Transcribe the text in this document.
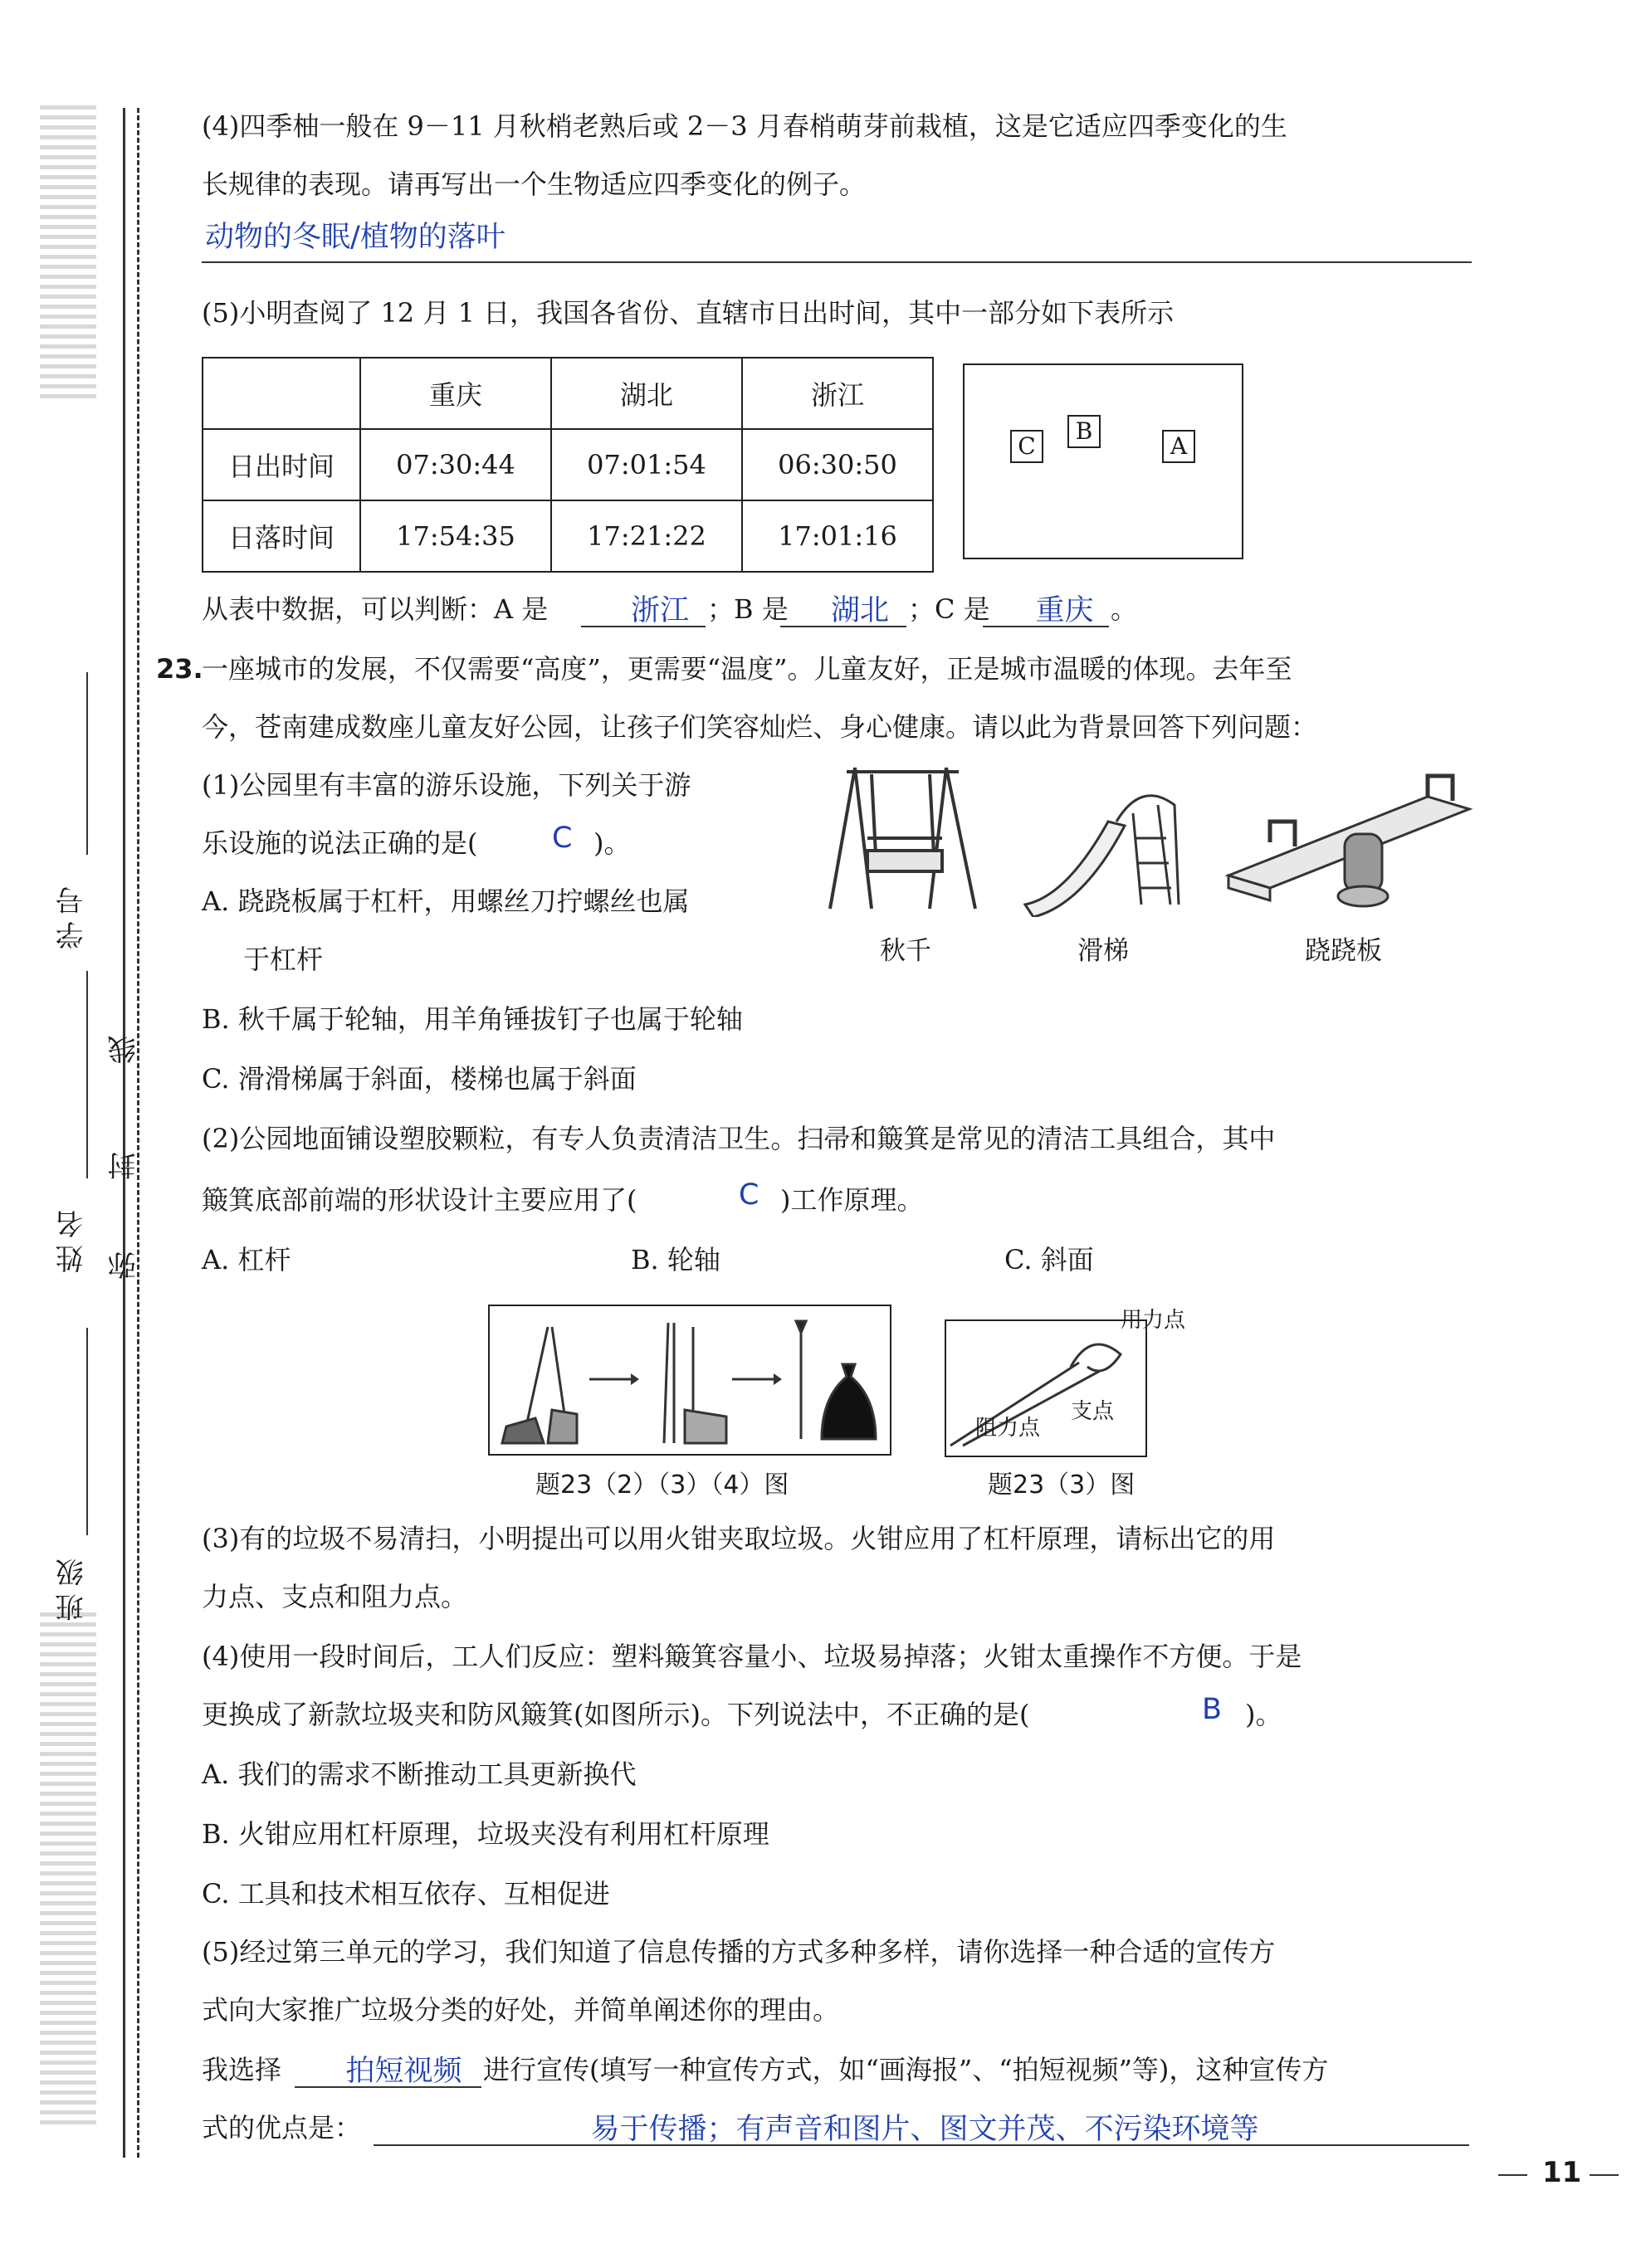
班级
姓名
学号
线
封
弥
(4)四季柚一般在 9－11 月秋梢老熟后或 2－3 月春梢萌芽前栽植，这是它适应四季变化的生
长规律的表现。请再写出一个生物适应四季变化的例子。
动物的冬眠/植物的落叶
(5)小明查阅了 12 月 1 日，我国各省份、直辖市日出时间，其中一部分如下表所示
	重庆	湖北	浙江
日出时间	07:30:44	07:01:54	06:30:50
日落时间	17:54:35	17:21:22	17:01:16
C
B
A
从表中数据，可以判断：A 是	浙江 ；B 是	湖北 ；C 是	重庆 。
23.
一座城市的发展，不仅需要“高度”，更需要“温度”。儿童友好，正是城市温暖的体现。去年至
今，苍南建成数座儿童友好公园，让孩子们笑容灿烂、身心健康。请以此为背景回答下列问题：
(1)公园里有丰富的游乐设施，下列关于游
乐设施的说法正确的是(	C )。
A. 跷跷板属于杠杆，用螺丝刀拧螺丝也属
于杠杆
B. 秋千属于轮轴，用羊角锤拔钉子也属于轮轴
C. 滑滑梯属于斜面，楼梯也属于斜面
秋千	滑梯	跷跷板
(2)公园地面铺设塑胶颗粒，有专人负责清洁卫生。扫帚和簸箕是常见的清洁工具组合，其中
簸箕底部前端的形状设计主要应用了(	C )工作原理。
A. 杠杆	B. 轮轴	C. 斜面
用力点
支点
阻力点
题23（2）（3）（4）图	题23（3）图
(3)有的垃圾不易清扫，小明提出可以用火钳夹取垃圾。火钳应用了杠杆原理，请标出它的用
力点、支点和阻力点。
(4)使用一段时间后，工人们反应：塑料簸箕容量小、垃圾易掉落；火钳太重操作不方便。于是
更换成了新款垃圾夹和防风簸箕(如图所示)。下列说法中，不正确的是(	B )。
A. 我们的需求不断推动工具更新换代
B. 火钳应用杠杆原理，垃圾夹没有利用杠杆原理
C. 工具和技术相互依存、互相促进
(5)经过第三单元的学习，我们知道了信息传播的方式多种多样，请你选择一种合适的宣传方
式向大家推广垃圾分类的好处，并简单阐述你的理由。
我选择	拍短视频 进行宣传(填写一种宣传方式，如“画海报”、“拍短视频”等)，这种宣传方
式的优点是：	易于传播；有声音和图片、图文并茂、不污染环境等
11
